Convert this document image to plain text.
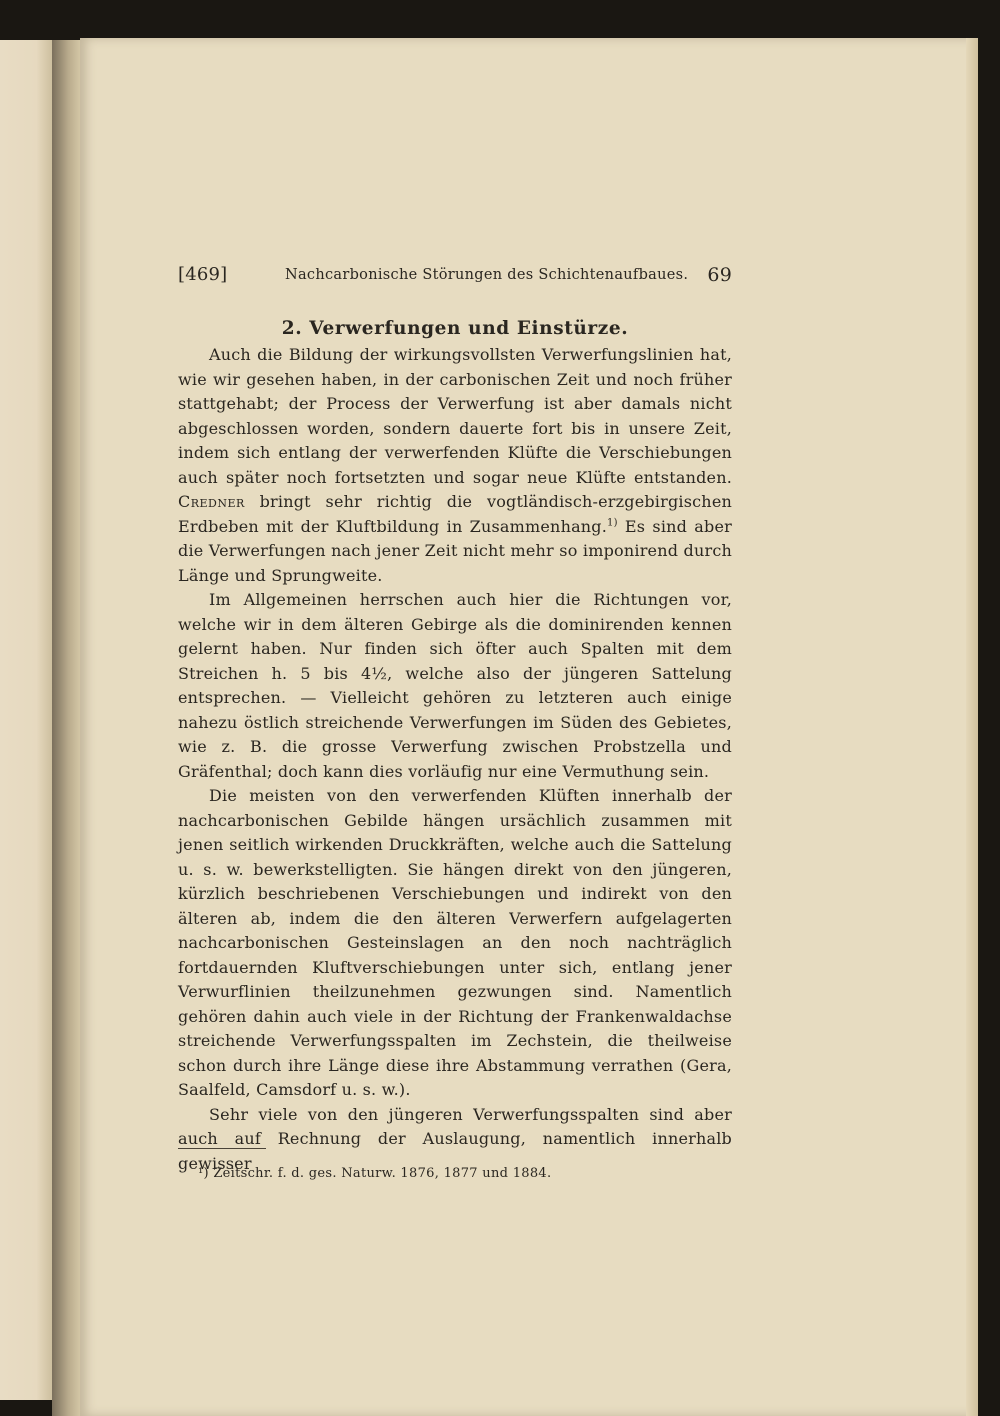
[469]	Nachcarbonische Störungen des Schichtenaufbaues. 69
2. Verwerfungen und Einstürze.

Auch die Bildung der wirkungsvollsten Verwerfungslinien hat, wie wir gesehen haben, in der carbonischen Zeit und noch früher stattgehabt; der Process der Verwerfung ist aber damals nicht abgeschlossen worden, sondern dauerte fort bis in unsere Zeit, indem sich entlang der verwerfenden Klüfte die Verschiebungen auch später noch fortsetzten und sogar neue Klüfte entstanden. Credner bringt sehr richtig die vogtländisch-erzgebirgischen Erdbeben mit der Kluftbildung in Zusammenhang.$^{1)}$ Es sind aber die Verwerfungen nach jener Zeit nicht mehr so imponirend durch Länge und Sprungweite.

Im Allgemeinen herrschen auch hier die Richtungen vor, welche wir in dem älteren Gebirge als die dominirenden kennen gelernt haben. Nur finden sich öfter auch Spalten mit dem Streichen h. 5 bis 4½, welche also der jüngeren Sattelung entsprechen. — Vielleicht gehören zu letzteren auch einige nahezu östlich streichende Verwerfungen im Süden des Gebietes, wie z. B. die grosse Verwerfung zwischen Probstzella und Gräfenthal; doch kann dies vorläufig nur eine Vermuthung sein.

Die meisten von den verwerfenden Klüften innerhalb der nachcarbonischen Gebilde hängen ursächlich zusammen mit jenen seitlich wirkenden Druckkräften, welche auch die Sattelung u. s. w. bewerkstelligten. Sie hängen direkt von den jüngeren, kürzlich beschriebenen Verschiebungen und indirekt von den älteren ab, indem die den älteren Verwerfern aufgelagerten nachcarbonischen Gesteinslagen an den noch nachträglich fortdauernden Kluftverschiebungen unter sich, entlang jener Verwurflinien theilzunehmen gezwungen sind. Namentlich gehören dahin auch viele in der Richtung der Frankenwaldachse streichende Verwerfungsspalten im Zechstein, die theilweise schon durch ihre Länge diese ihre Abstammung verrathen (Gera, Saalfeld, Camsdorf u. s. w.).

Sehr viele von den jüngeren Verwerfungsspalten sind aber auch auf Rechnung der Auslaugung, namentlich innerhalb gewisser

¹) Zeitschr. f. d. ges. Naturw. 1876, 1877 und 1884.
